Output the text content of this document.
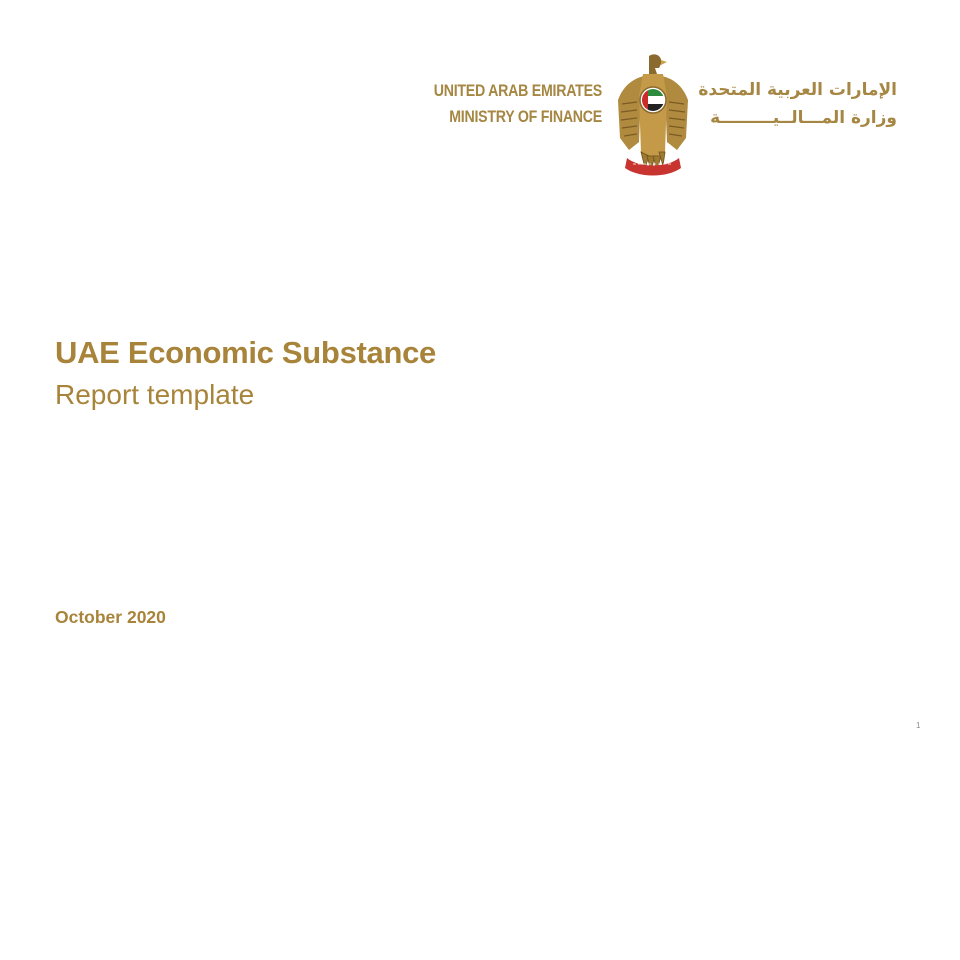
UNITED ARAB EMIRATES
MINISTRY OF FINANCE
الإمارات العربية المتحدة
وزارة المـــالــيـــــــــة
UAE Economic Substance
Report template
October 2020
1
